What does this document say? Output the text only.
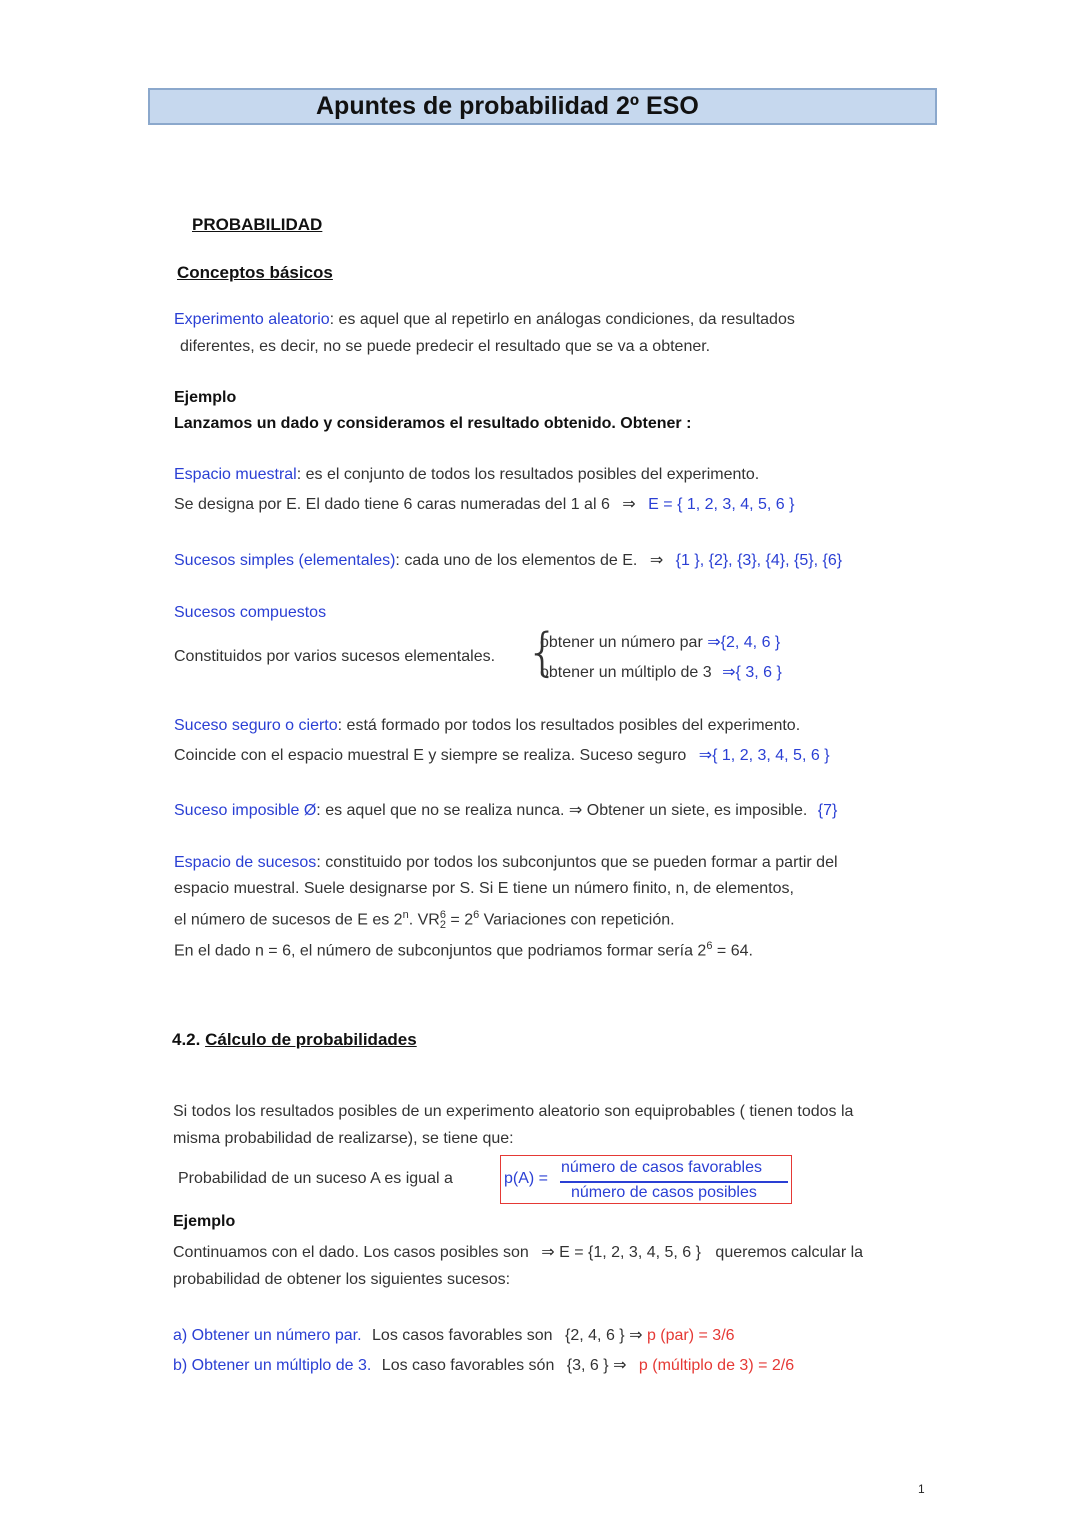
Apuntes de probabilidad 2º ESO
PROBABILIDAD
Conceptos básicos
Experimento aleatorio: es aquel que al repetirlo en análogas condiciones, da resultados
diferentes, es decir, no se puede predecir el resultado que se va a obtener.
Ejemplo
Lanzamos un dado y consideramos el resultado obtenido. Obtener :
Espacio muestral: es el conjunto de todos los resultados posibles del experimento.
Se designa por E. El dado tiene 6 caras numeradas del 1 al 6 ⇒ E = { 1, 2, 3, 4, 5, 6 }
Sucesos simples (elementales): cada uno de los elementos de E. ⇒ {1 }, {2}, {3}, {4}, {5}, {6}
Sucesos compuestos
Constituidos por varios sucesos elementales. {
obtener un número par ⇒{2, 4, 6 }
obtener un múltiplo de 3 ⇒{ 3, 6 }
Suceso seguro o cierto: está formado por todos los resultados posibles del experimento.
Coincide con el espacio muestral E y siempre se realiza. Suceso seguro ⇒{ 1, 2, 3, 4, 5, 6 }
Suceso imposible Ø: es aquel que no se realiza nunca. ⇒ Obtener un siete, es imposible. {7}
Espacio de sucesos: constituido por todos los subconjuntos que se pueden formar a partir del
espacio muestral. Suele designarse por S. Si E tiene un número finito, n, de elementos,
el número de sucesos de E es 2$^n$. VR 6
$2 = 2^6$ Variaciones con repetición.
En el dado n = 6, el número de subconjuntos que podriamos formar sería $2^6 = 64$.
4.2. Cálculo de probabilidades
Si todos los resultados posibles de un experimento aleatorio son equiprobables ( tienen todos la
misma probabilidad de realizarse), se tiene que:
Probabilidad de un suceso A es igual a	p(A) =
número de casos favorables
número de casos posibles
Ejemplo
Continuamos con el dado. Los casos posibles son ⇒ E = {1, 2, 3, 4, 5, 6 } queremos calcular la
probabilidad de obtener los siguientes sucesos:
a) Obtener un número par. Los casos favorables son {2, 4, 6 } ⇒ p (par) = 3/6
b) Obtener un múltiplo de 3. Los caso favorables són {3, 6 } ⇒ p (múltiplo de 3) = 2/6
1
